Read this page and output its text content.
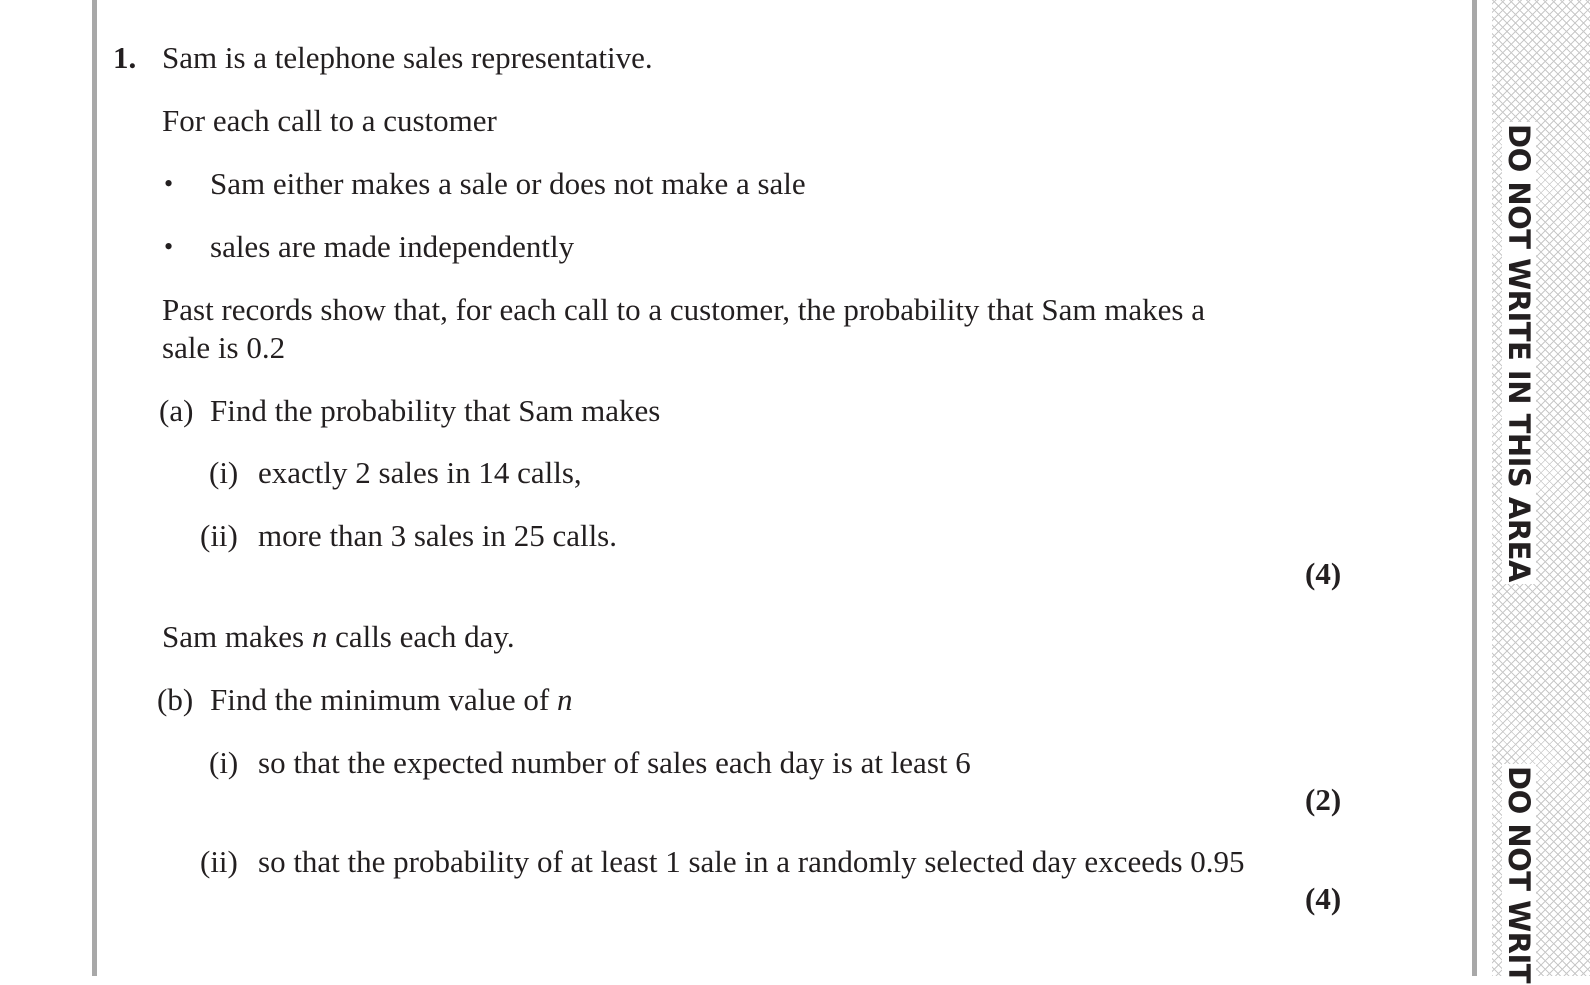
DO NOT WRITE IN THIS AREA
DO NOT WRIT
1. Sam is a telephone sales representative.
For each call to a customer
• Sam either makes a sale or does not make a sale
• sales are made independently
Past records show that, for each call to a customer, the probability that Sam makes a
sale is 0.2
(a) Find the probability that Sam makes
(i) exactly 2 sales in 14 calls,
(ii) more than 3 sales in 25 calls.
(4)
Sam makes n calls each day.
(b) Find the minimum value of n
(i) so that the expected number of sales each day is at least 6
(2)
(ii) so that the probability of at least 1 sale in a randomly selected day exceeds 0.95
(4)
